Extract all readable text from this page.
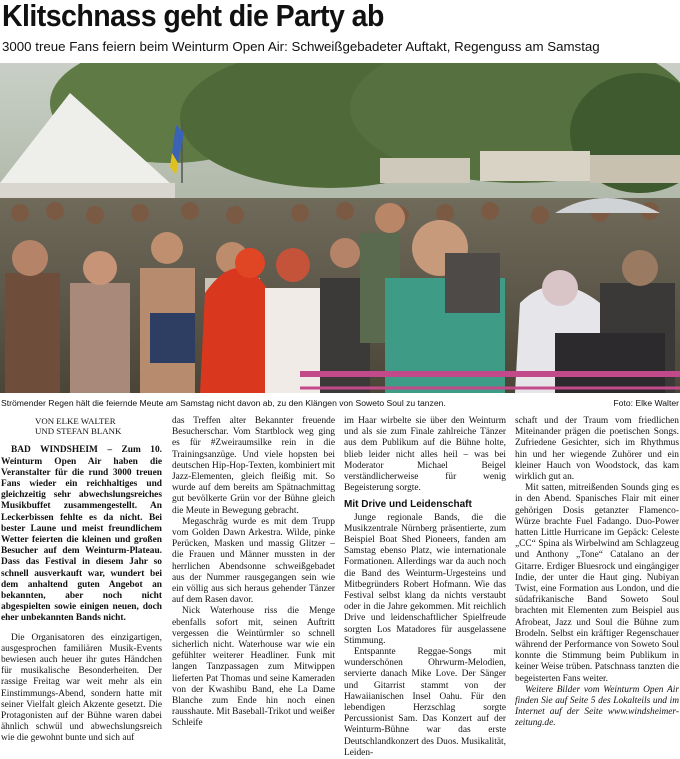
Klitschnass geht die Party ab
3000 treue Fans feiern beim Weinturm Open Air: Schweißgebadeter Auftakt, Regenguss am Samstag
Strömender Regen hält die feiernde Meute am Samstag nicht davon ab, zu den Klängen von Soweto Soul zu tanzen.	Foto: Elke Walter
VON ELKE WALTER
UND STEFAN BLANK

BAD WINDSHEIM – Zum 10. Weinturm Open Air haben die Veranstalter für die rund 3000 treuen Fans wieder ein reichhaltiges und gleichzeitig sehr abwechslungsreiches Musikbuffet zusammengestellt. An Leckerbissen fehlte es da nicht. Bei bester Laune und meist freundlichem Wetter feierten die kleinen und großen Besucher auf dem Weinturm-Plateau. Dass das Festival in diesem Jahr so schnell ausverkauft war, wundert bei dem anhaltend guten Angebot an bekannten, aber noch nicht abgespielten sowie einigen neuen, doch eher unbekannten Bands nicht.

Die Organisatoren des einzigartigen, ausgesprochen familiären Musik-Events bewiesen auch heuer ihr gutes Händchen für musikalische Besonderheiten. Der rassige Freitag war weit mehr als ein Einstimmungs-Abend, sondern hatte mit seiner Vielfalt gleich Akzente gesetzt. Die Protagonisten auf der Bühne waren dabei ähnlich schwül und abwechslungsreich wie die gewohnt bunte und sich auf

das Treffen alter Bekannter freuende Besucherschar. Vom Startblock weg ging es für #Zweiraumsilke rein in die Trainingsanzüge. Und viele hopsten bei deutschen Hip-Hop-Texten, kombiniert mit Jazz-Elementen, gleich fleißig mit. So wurde auf dem bereits am Spätnachmittag gut bevölkerte Grün vor der Bühne gleich die Meute in Bewegung gebracht.

Megaschräg wurde es mit dem Trupp vom Golden Dawn Arkestra. Wilde, pinke Perücken, Masken und massig Glitzer – die Frauen und Männer mussten in der herrlichen Abendsonne schweißgebadet aus der Nummer rausgegangen sein wie ein völlig aus sich heraus gehender Tänzer auf dem Rasen davor.

Nick Waterhouse riss die Menge ebenfalls sofort mit, seinen Auftritt vergessen die Weintürmler so schnell sicherlich nicht. Waterhouse war wie ein gefühlter weiterer Headliner. Funk mit langen Tanzpassagen zum Mitwippen lieferten Pat Thomas und seine Kameraden von der Kwashibu Band, ehe La Dame Blanche zum Ende hin noch einen rausshaute. Mit Baseball-Trikot und weißer Schleife

im Haar wirbelte sie über den Weinturm und als sie zum Finale zahlreiche Tänzer aus dem Publikum auf die Bühne holte, blieb leider nicht alles heil – was bei Moderator Michael Beigel verständlicherweise für wenig Begeisterung sorgte.

Mit Drive und Leidenschaft

Junge regionale Bands, die die Musikzentrale Nürnberg präsentierte, zum Beispiel Boat Shed Pioneers, fanden am Samstag ebenso Platz, wie internationale Formationen. Allerdings war da auch noch die Band des Weinturm-Urgesteins und Mitbegründers Robert Hofmann. Wie das Festival selbst klang da nichts verstaubt oder in die Jahre gekommen. Mit reichlich Drive und leidenschaftlicher Spielfreude sorgten Los Matadores für ausgelassene Stimmung.

Entspannte Reggae-Songs mit wunderschönen Ohrwurm-Melodien, servierte danach Mike Love. Der Sänger und Gitarrist stammt von der Hawaiianischen Insel Oahu. Für den lebendigen Herzschlag sorgte Percussionist Sam. Das Konzert auf der Weinturm-Bühne war das erste Deutschlandkonzert des Duos. Musikalität, Leiden-

schaft und der Traum vom friedlichen Miteinander prägen die poetischen Songs. Zufriedene Gesichter, sich im Rhythmus hin und her wiegende Zuhörer und ein kleiner Hauch von Woodstock, das kam wirklich gut an.

Mit satten, mitreißenden Sounds ging es in den Abend. Spanisches Flair mit einer gehörigen Dosis getanzter Flamenco-Würze brachte Fuel Fadango. Duo-Power hatten Little Hurricane im Gepäck: Celeste „CC“ Spina als Wirbelwind am Schlagzeug und Anthony „Tone“ Catalano an der Gitarre. Erdiger Bluesrock und eingängiger Indie, der unter die Haut ging. Nubiyan Twist, eine Formation aus London, und die südafrikanische Band Soweto Soul brachten mit Elementen zum Beispiel aus Afrobeat, Jazz und Soul die Bühne zum Brodeln. Selbst ein kräftiger Regenschauer während der Performance von Soweto Soul konnte die Stimmung beim Publikum in keiner Weise trüben. Patschnass tanzten die begeisterten Fans weiter.

Weitere Bilder vom Weinturm Open Air finden Sie auf Seite 5 des Lokalteils und im Internet auf der Seite www.windsheimer-zeitung.de.
